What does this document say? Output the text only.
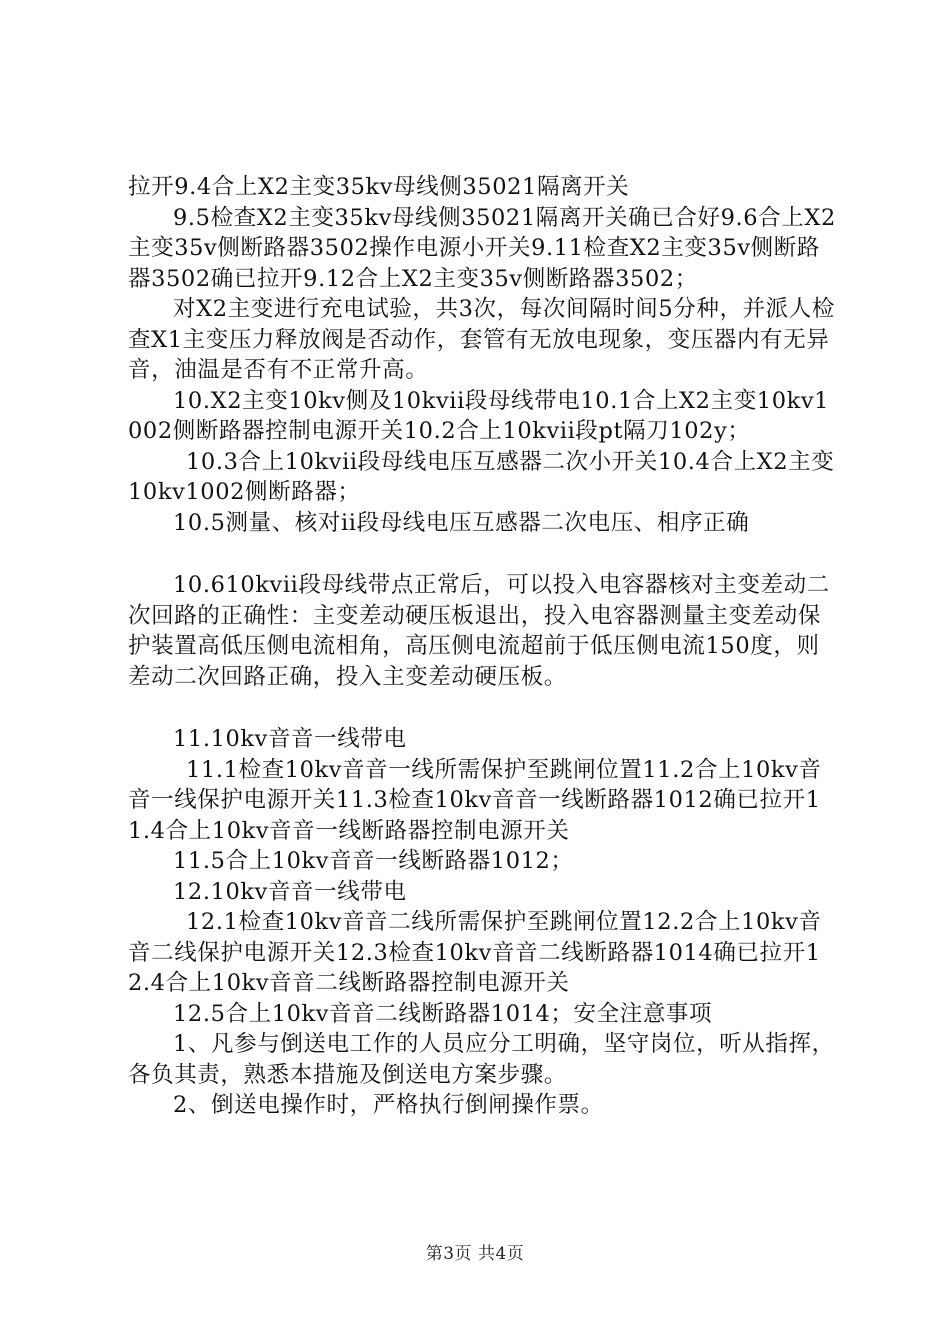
拉开9.4合上X2主变35kv母线侧35021隔离开关

9.5检查X2主变35kv母线侧35021隔离开关确已合好9.6合上X2主变35v侧断路器3502操作电源小开关9.11检查X2主变35v侧断路器3502确已拉开9.12合上X2主变35v侧断路器3502；

对X2主变进行充电试验，共3次，每次间隔时间5分种，并派人检查X1主变压力释放阀是否动作，套管有无放电现象，变压器内有无异音，油温是否有不正常升高。

10.X2主变10kv侧及10kvii段母线带电10.1合上X2主变10kv1002侧断路器控制电源开关10.2合上10kvii段pt隔刀102y；

10.3合上10kvii段母线电压互感器二次小开关10.4合上X2主变10kv1002侧断路器；

10.5测量、核对ii段母线电压互感器二次电压、相序正确

10.610kvii段母线带点正常后，可以投入电容器核对主变差动二次回路的正确性：主变差动硬压板退出，投入电容器测量主变差动保护装置高低压侧电流相角，高压侧电流超前于低压侧电流150度，则差动二次回路正确，投入主变差动硬压板。

11.10kv音音一线带电

11.1检查10kv音音一线所需保护至跳闸位置11.2合上10kv音音一线保护电源开关11.3检查10kv音音一线断路器1012确已拉开11.4合上10kv音音一线断路器控制电源开关

11.5合上10kv音音一线断路器1012；

12.10kv音音一线带电

12.1检查10kv音音二线所需保护至跳闸位置12.2合上10kv音音二线保护电源开关12.3检查10kv音音二线断路器1014确已拉开12.4合上10kv音音二线断路器控制电源开关

12.5合上10kv音音二线断路器1014；安全注意事项

1、凡参与倒送电工作的人员应分工明确，坚守岗位，听从指挥，各负其责，熟悉本措施及倒送电方案步骤。

2、倒送电操作时，严格执行倒闸操作票。

第3页 共4页
